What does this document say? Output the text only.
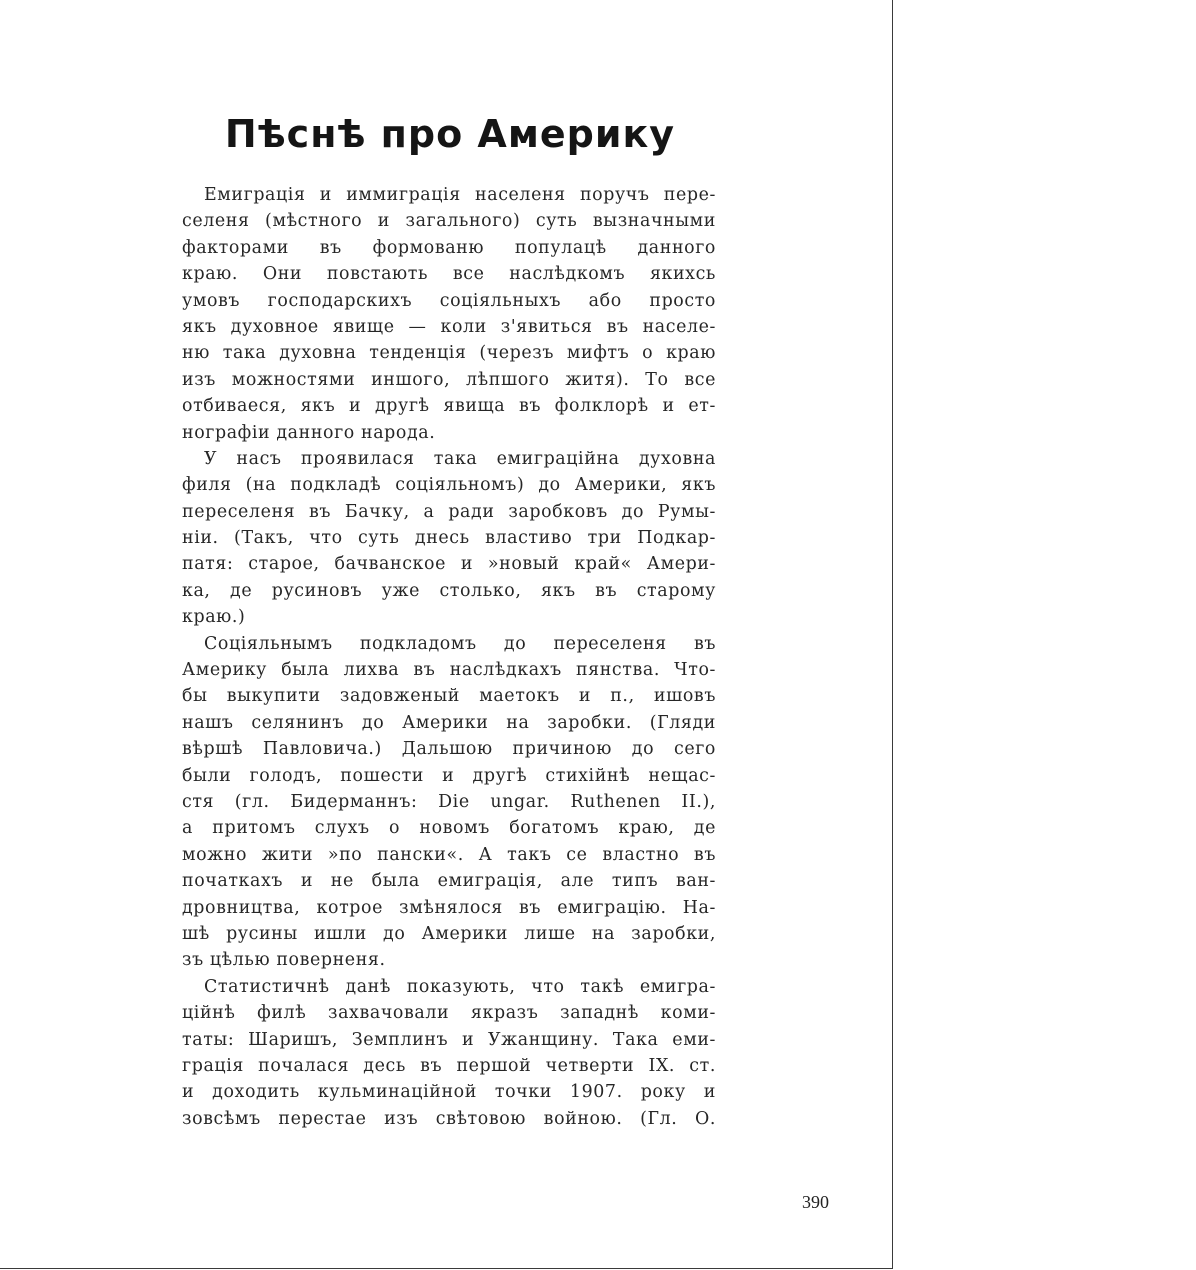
Пѣснѣ про Америку
Емиграція и иммиграція населеня поручъ пере-
селеня (мѣстного и загального) суть вызначными
факторами въ формованю популацѣ данного
краю. Они повстають все наслѣдкомъ якихсь
умовъ господарскихъ соціяльныхъ або просто
якъ духовное явище — коли з'явиться въ населе-
ню така духовна тенденція (черезъ мифтъ о краю
изъ можностями иншого, лѣпшого житя). То все
отбиваеся, якъ и другѣ явища въ фолклорѣ и ет-
нографіи данного народа.
У насъ проявилася така емиграційна духовна
филя (на подкладѣ соціяльномъ) до Америки, якъ
переселеня въ Бачку, а ради заробковъ до Румы-
ніи. (Такъ, что суть днесь властиво три Подкар-
патя: старое, бачванское и »новый край« Амери-
ка, де русиновъ уже столько, якъ въ старому
краю.)
Соціяльнымъ подкладомъ до переселеня въ
Америку была лихва въ наслѣдкахъ пянства. Что-
бы выкупити задовженый маетокъ и п., ишовъ
нашъ селянинъ до Америки на заробки. (Гляди
вѣршѣ Павловича.) Дальшою причиною до сего
были голодъ, пошести и другѣ стихійнѣ нещас-
стя (гл. Бидерманнъ: Die ungar. Ruthenen II.),
а притомъ слухъ о новомъ богатомъ краю, де
можно жити »по пански«. А такъ се властно въ
початкахъ и не была емиграція, але типъ ван-
дровництва, котрое змѣнялося въ емиграцію. На-
шѣ русины ишли до Америки лише на заробки,
зъ цѣлью поверненя.
Статистичнѣ данѣ показують, что такѣ емигра-
ційнѣ филѣ захвачовали якразъ западнѣ коми-
таты: Шаришъ, Земплинъ и Ужанщину. Така еми-
грація почалася десь въ першой четверти IX. ст.
и доходить кульминаційной точки 1907. року и
зовсѣмъ перестае изъ свѣтовою войною. (Гл. О.
390
